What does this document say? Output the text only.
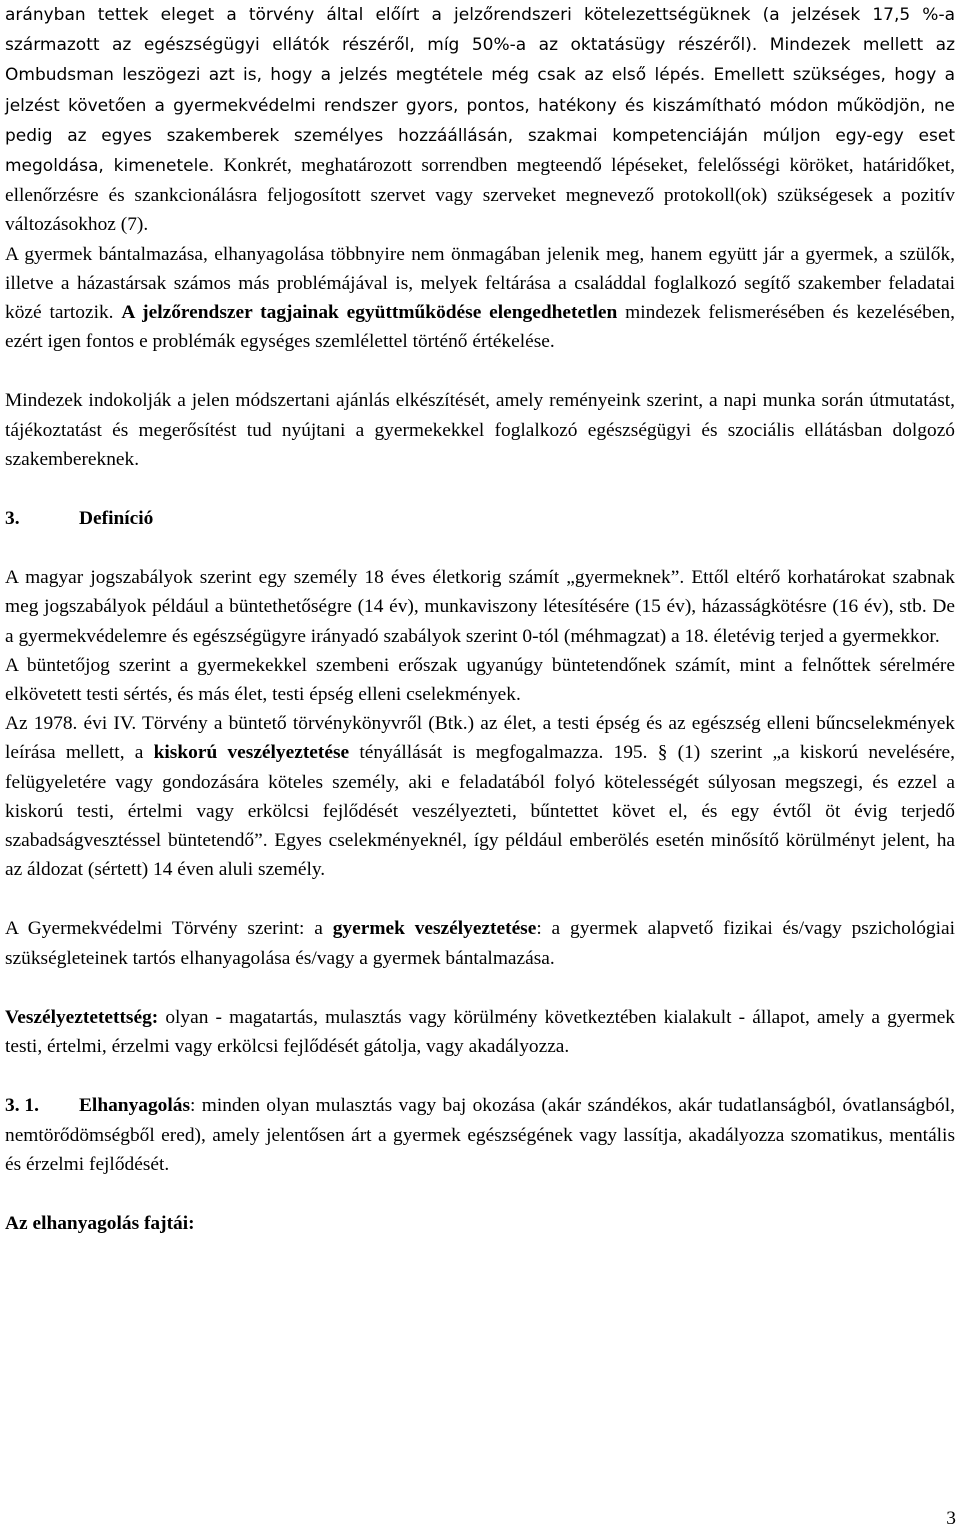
arányban tettek eleget a törvény által előírt a jelzőrendszeri kötelezettségüknek (a jelzések 17,5 %-a származott az egészségügyi ellátók részéről, míg 50%-a az oktatásügy részéről). Mindezek mellett az Ombudsman leszögezi azt is, hogy a jelzés megtétele még csak az első lépés. Emellett szükséges, hogy a jelzést követően a gyermekvédelmi rendszer gyors, pontos, hatékony és kiszámítható módon működjön, ne pedig az egyes szakemberek személyes hozzáállásán, szakmai kompetenciáján múljon egy-egy eset megoldása, kimenetele. Konkrét, meghatározott sorrendben megteendő lépéseket, felelősségi köröket, határidőket, ellenőrzésre és szankcionálásra feljogosított szervet vagy szerveket megnevező protokoll(ok) szükségesek a pozitív változásokhoz (7).

A gyermek bántalmazása, elhanyagolása többnyire nem önmagában jelenik meg, hanem együtt jár a gyermek, a szülők, illetve a házastársak számos más problémájával is, melyek feltárása a családdal foglalkozó segítő szakember feladatai közé tartozik. A jelzőrendszer tagjainak együttműködése elengedhetetlen mindezek felismerésében és kezelésében, ezért igen fontos e problémák egységes szemlélettel történő értékelése.

Mindezek indokolják a jelen módszertani ajánlás elkészítését, amely reményeink szerint, a napi munka során útmutatást, tájékoztatást és megerősítést tud nyújtani a gyermekekkel foglalkozó egészségügyi és szociális ellátásban dolgozó szakembereknek.

3.	Definíció

A magyar jogszabályok szerint egy személy 18 éves életkorig számít „gyermeknek”. Ettől eltérő korhatárokat szabnak meg jogszabályok például a büntethetőségre (14 év), munkaviszony létesítésére (15 év), házasságkötésre (16 év), stb. De a gyermekvédelemre és egészségügyre irányadó szabályok szerint 0-tól (méhmagzat) a 18. életévig terjed a gyermekkor.

A büntetőjog szerint a gyermekekkel szembeni erőszak ugyanúgy büntetendőnek számít, mint a felnőttek sérelmére elkövetett testi sértés, és más élet, testi épség elleni cselekmények.

Az 1978. évi IV. Törvény a büntető törvénykönyvről (Btk.) az élet, a testi épség és az egészség elleni bűncselekmények leírása mellett, a kiskorú veszélyeztetése tényállását is megfogalmazza. 195. § (1) szerint „a kiskorú nevelésére, felügyeletére vagy gondozására köteles személy, aki e feladatából folyó kötelességét súlyosan megszegi, és ezzel a kiskorú testi, értelmi vagy erkölcsi fejlődését veszélyezteti, bűntettet követ el, és egy évtől öt évig terjedő szabadságvesztéssel büntetendő”. Egyes cselekményeknél, így például emberölés esetén minősítő körülményt jelent, ha az áldozat (sértett) 14 éven aluli személy.

A Gyermekvédelmi Törvény szerint: a gyermek veszélyeztetése: a gyermek alapvető fizikai és/vagy pszichológiai szükségleteinek tartós elhanyagolása és/vagy a gyermek bántalmazása.

Veszélyeztetettség: olyan - magatartás, mulasztás vagy körülmény következtében kialakult - állapot, amely a gyermek testi, értelmi, érzelmi vagy erkölcsi fejlődését gátolja, vagy akadályozza.

3. 1. Elhanyagolás: minden olyan mulasztás vagy baj okozása (akár szándékos, akár tudatlanságból, óvatlanságból, nemtörődömségből ered), amely jelentősen árt a gyermek egészségének vagy lassítja, akadályozza szomatikus, mentális és érzelmi fejlődését.

Az elhanyagolás fajtái:

3
